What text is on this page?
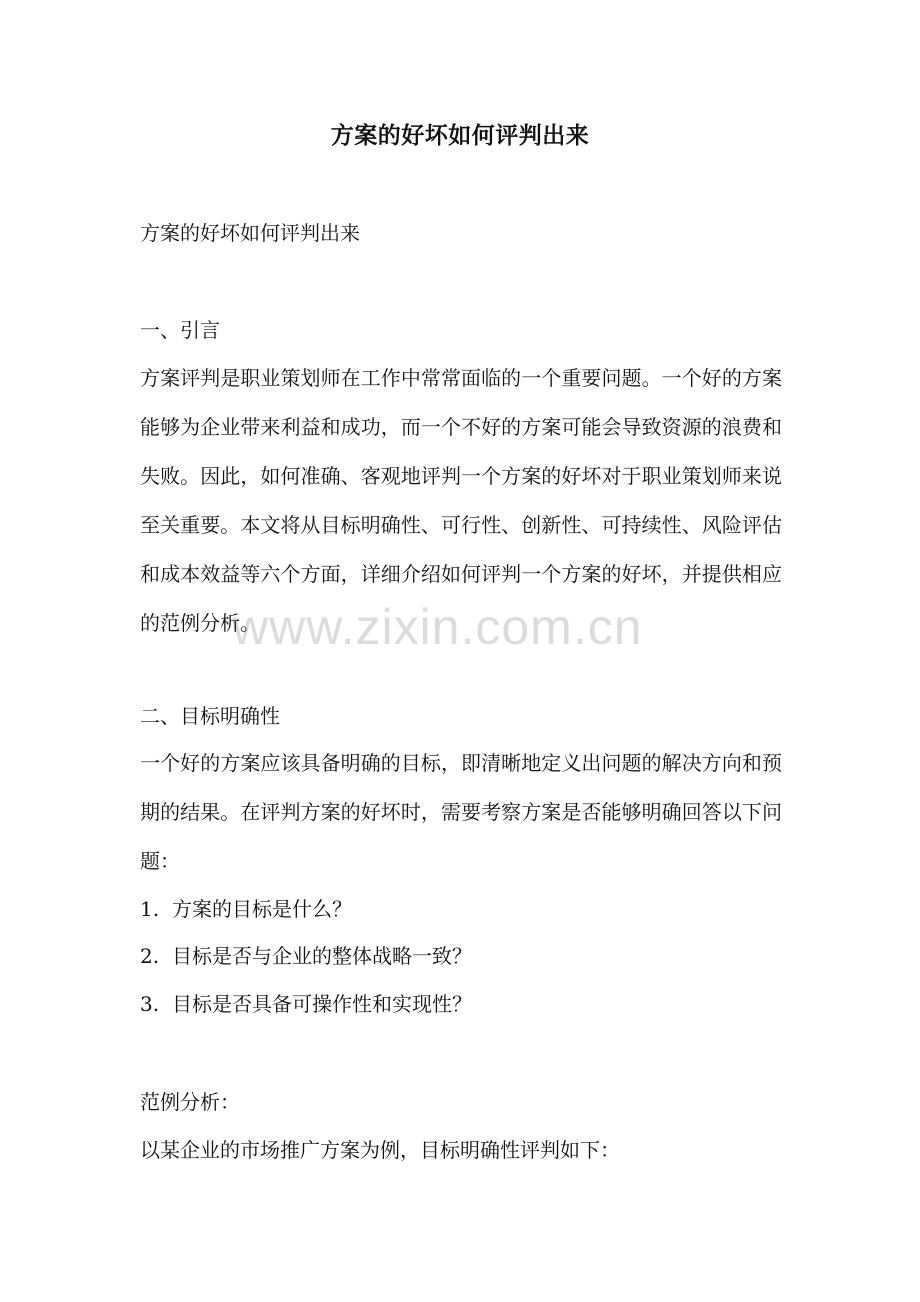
www.zixin.com.cn
方案的好坏如何评判出来
方案的好坏如何评判出来
一、引言
方案评判是职业策划师在工作中常常面临的一个重要问题。一个好的方案能够为企业带来利益和成功，而一个不好的方案可能会导致资源的浪费和失败。因此，如何准确、客观地评判一个方案的好坏对于职业策划师来说至关重要。本文将从目标明确性、可行性、创新性、可持续性、风险评估和成本效益等六个方面，详细介绍如何评判一个方案的好坏，并提供相应的范例分析。
二、目标明确性
一个好的方案应该具备明确的目标，即清晰地定义出问题的解决方向和预期的结果。在评判方案的好坏时，需要考察方案是否能够明确回答以下问题：
1. 方案的目标是什么？
2. 目标是否与企业的整体战略一致？
3. 目标是否具备可操作性和实现性？
范例分析：
以某企业的市场推广方案为例，目标明确性评判如下：
